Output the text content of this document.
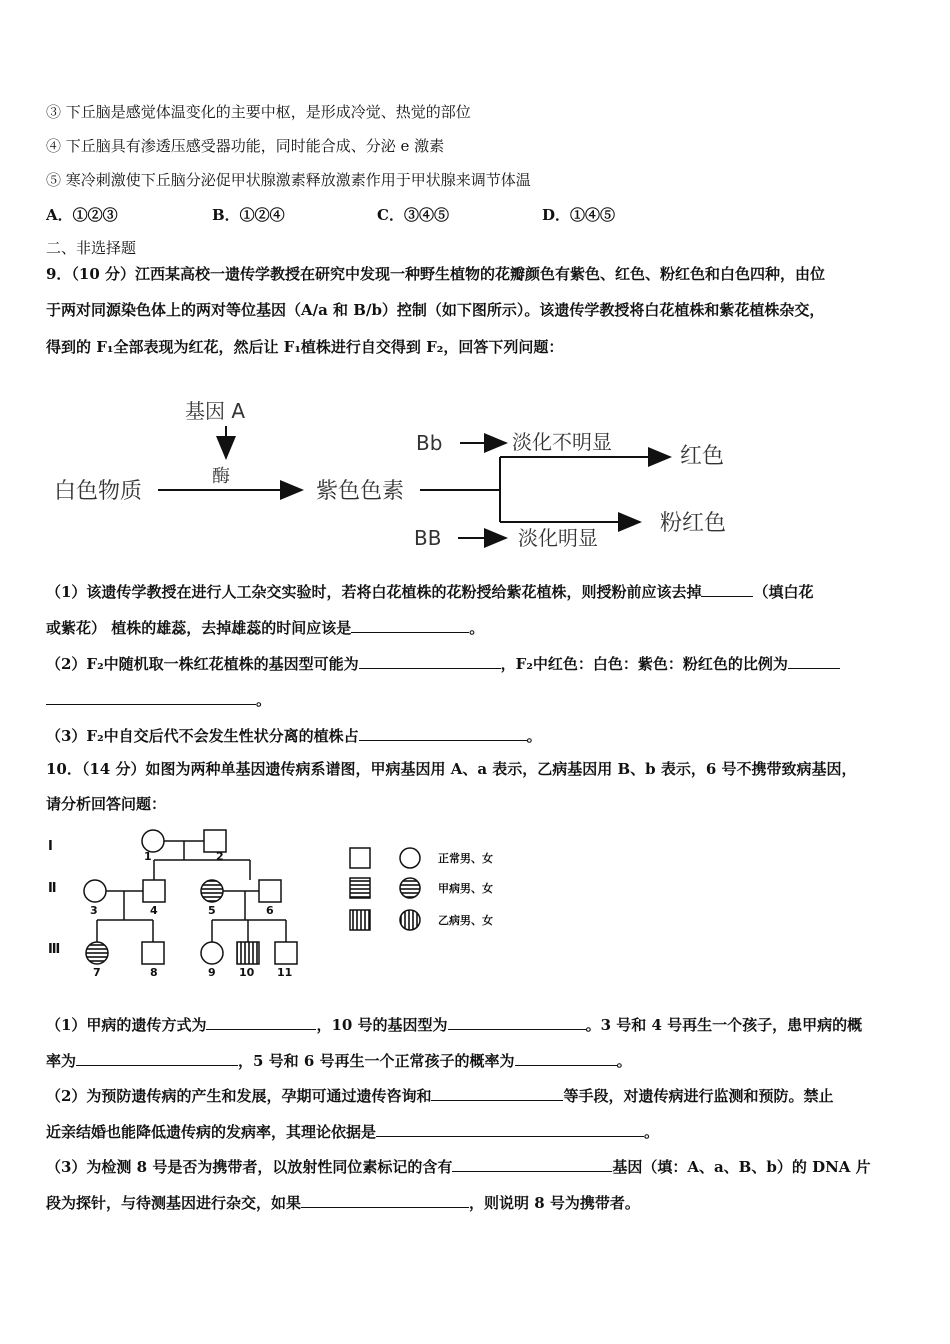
③ 下丘脑是感觉体温变化的主要中枢，是形成冷觉、热觉的部位
④ 下丘脑具有渗透压感受器功能，同时能合成、分泌 e 激素
⑤ 寒冷刺激使下丘脑分泌促甲状腺激素释放激素作用于甲状腺来调节体温
A．①②③	B．①②④	C．③④⑤	D．①④⑤
二、非选择题
9．（10 分）江西某高校一遗传学教授在研究中发现一种野生植物的花瓣颜色有紫色、红色、粉红色和白色四种，由位
于两对同源染色体上的两对等位基因（A/a 和 B/b）控制（如下图所示）。该遗传学教授将白花植株和紫花植株杂交，
得到的 F₁全部表现为红花，然后让 F₁植株进行自交得到 F₂，回答下列问题：
基因 A
酶
白色物质	紫色色素
Bb	淡化不明显
红色
BB	淡化明显
粉红色
（1）该遗传学教授在进行人工杂交实验时，若将白花植株的花粉授给紫花植株，则授粉前应该去掉	（填白花
或紫花） 植株的雄蕊，去掉雄蕊的时间应该是	。
（2）F₂中随机取一株红花植株的基因型可能为	，F₂中红色：白色：紫色：粉红色的比例为
。
（3）F₂中自交后代不会发生性状分离的植株占	。
10．（14 分）如图为两种单基因遗传病系谱图，甲病基因用 A、a 表示，乙病基因用 B、b 表示，6 号不携带致病基因，
请分析回答问题：
Ⅰ
Ⅱ
Ⅲ
1	2
3	4	5	6
7	8	9 10 11
正常男、女
甲病男、女
乙病男、女
（1）甲病的遗传方式为	，10 号的基因型为	。3 号和 4 号再生一个孩子，患甲病的概
率为	，5 号和 6 号再生一个正常孩子的概率为	。
（2）为预防遗传病的产生和发展，孕期可通过遗传咨询和	等手段，对遗传病进行监测和预防。禁止
近亲结婚也能降低遗传病的发病率，其理论依据是	。
（3）为检测 8 号是否为携带者，以放射性同位素标记的含有	基因（填：A、a、B、b）的 DNA 片
段为探针，与待测基因进行杂交，如果	，则说明 8 号为携带者。
